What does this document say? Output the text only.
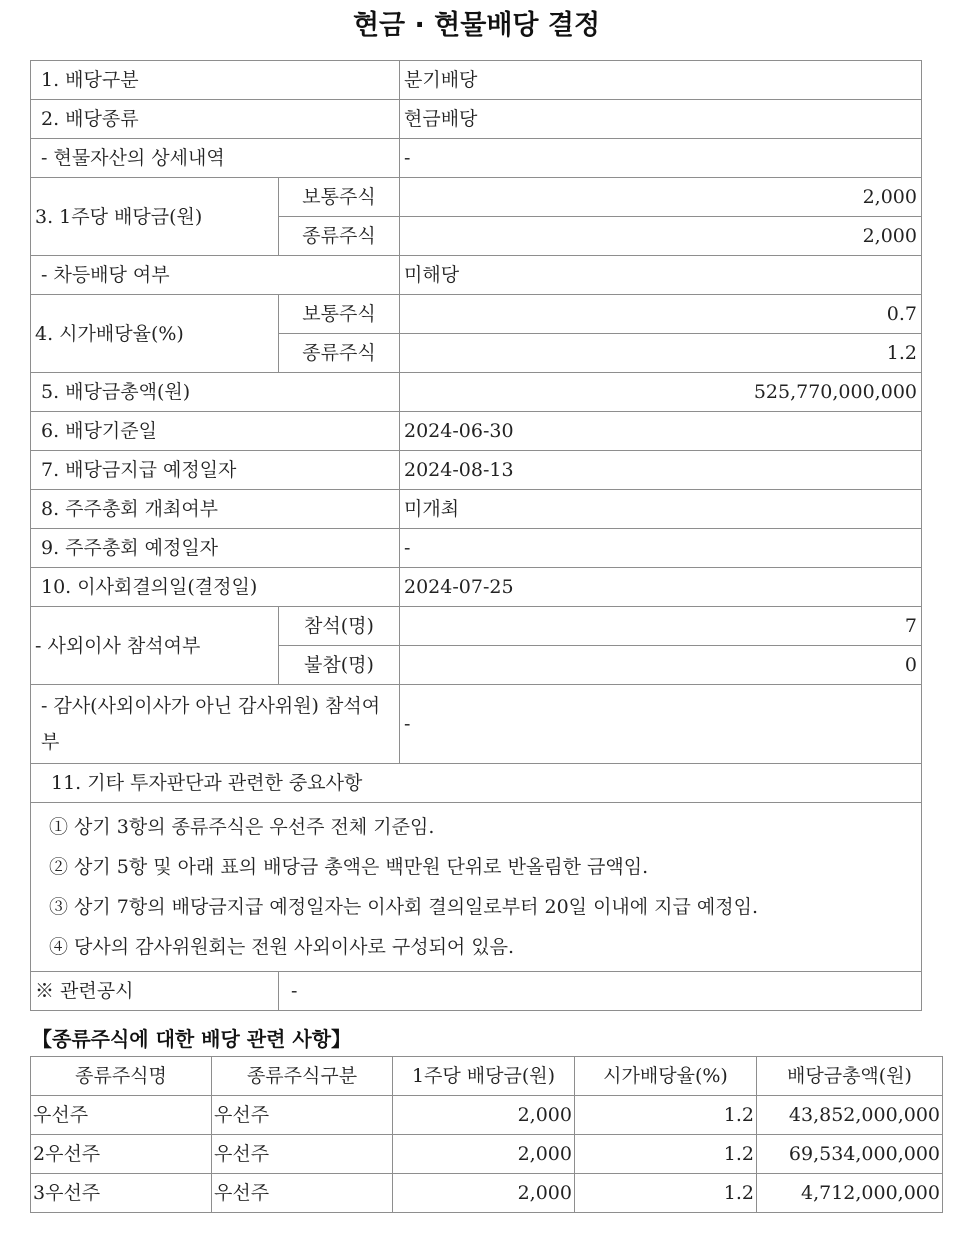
현금 · 현물배당 결정
1. 배당구분		분기배당
2. 배당종류		현금배당
- 현물자산의 상세내역		-
3. 1주당 배당금(원)	보통주식	2,000
	종류주식	2,000
- 차등배당 여부		미해당
4. 시가배당율(%)	보통주식	0.7
	종류주식	1.2
5. 배당금총액(원)		525,770,000,000
6. 배당기준일		2024-06-30
7. 배당금지급 예정일자		2024-08-13
8. 주주총회 개최여부		미개최
9. 주주총회 예정일자		-
10. 이사회결의일(결정일)		2024-07-25
- 사외이사 참석여부	참석(명)	7
	불참(명)	0
- 감사(사외이사가 아닌 감사위원) 참석여부		-
11. 기타 투자판단과 관련한 중요사항		

① 상기 3항의 종류주식은 우선주 전체 기준임.
② 상기 5항 및 아래 표의 배당금 총액은 백만원 단위로 반올림한 금액임.
③ 상기 7항의 배당금지급 예정일자는 이사회 결의일로부터 20일 이내에 지급 예정임.
④ 당사의 감사위원회는 전원 사외이사로 구성되어 있음.		

※ 관련공시	-	
【종류주식에 대한 배당 관련 사항】
종류주식명	종류주식구분	1주당 배당금(원)	시가배당율(%)	배당금총액(원)
우선주	우선주	2,000	1.2	43,852,000,000
2우선주	우선주	2,000	1.2	69,534,000,000
3우선주	우선주	2,000	1.2	4,712,000,000
